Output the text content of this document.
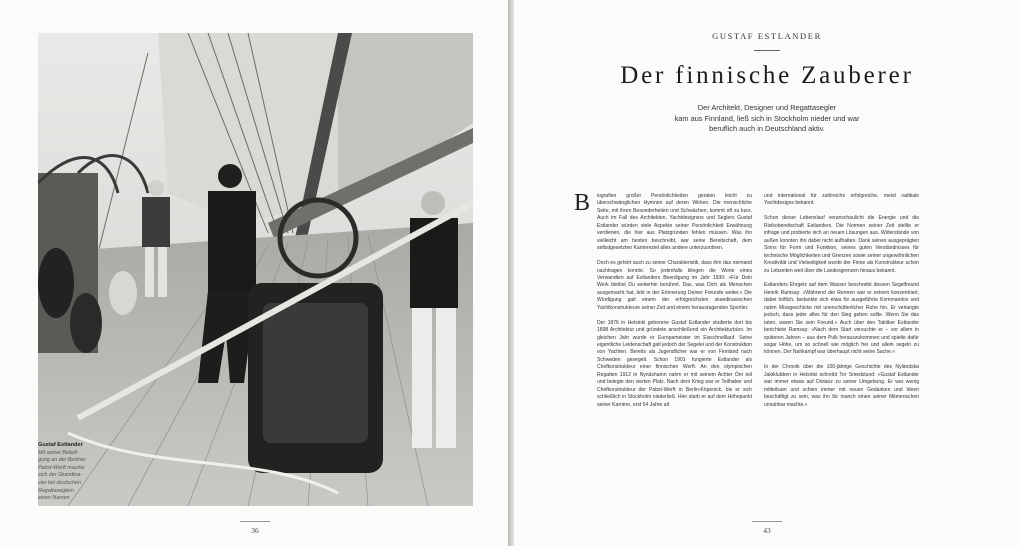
Gustaf Estlander
Mit seiner Beteili-
gung an der Berliner
Pabst-Werft machte
sich der Skandina-
vier bei deutschen
Regattaseglern
einen Namen
36
GUSTAF ESTLANDER
Der finnische Zauberer
Der Architekt, Designer und Regattasegler
kam aus Finnland, ließ sich in Stockholm nieder und war
beruflich auch in Deutschland aktiv.
B iografien großer Persönlichkeiten geraten leicht zu überschwänglichen Hymnen auf deren Wirken. Die menschliche Seite, mit ihren Besonderheiten und Schwächen, kommt oft zu kurz. Auch im Fall des Architekten, Yachtdesigners und Seglers Gustaf Estlander würden viele Aspekte seiner Persönlichkeit Erwähnung verdienen, die hier aus Platzgründen fehlen müssen. Was ihn vielleicht am besten beschreibt, war seine Bereitschaft, dem selbstgesetzten Karriereziel alles andere unterzuordnen.

Doch es gehört auch zu seiner Charakteristik, dass ihm das niemand nachtragen konnte. So jedenfalls klingen die Worte eines Verwandten auf Estlanders Beerdigung im Jahr 1930: »Für Dein Werk bleibst Du weiterhin berühmt. Das, was Dich als Menschen ausgemacht hat, lebt in der Erinnerung Deiner Freunde weiter.« Die Würdigung galt einem der erfolgreichsten skandinavischen Yachtkonstrukteure seiner Zeit und einem herausragenden Sportler.

Der 1876 in Helsinki geborene Gustaf Estlander studierte dort bis 1898 Architektur und gründete anschließend ein Architekturbüro. Im gleichen Jahr wurde er Europameister im Eisschnelllauf. Seine eigentliche Leidenschaft galt jedoch der Segelei und der Konstruktion von Yachten. Bereits als Jugendlicher war er von Finnland nach Schweden gesegelt. Schon 1901 fungierte Estlander als Chefkonstrukteur einer finnischen Werft. An den olympischen Regatten 1912 in Nynäshamn nahm er mit seinem Achter Örn teil und belegte den vierten Platz. Nach dem Krieg war er Teilhaber und Chefkonstrukteur der Pabst-Werft in Berlin-Köpenick, bis er sich schließlich in Stockholm niederließ. Hier starb er auf dem Höhepunkt seiner Karriere, erst 54 Jahre alt

und international für zahlreiche erfolgreiche, meist radikale Yachtdesigns bekannt.

Schon dieser Lebenslauf veranschaulicht die Energie und die Risikobereitschaft Estlanders. Die Normen seiner Zeit stellte er infrage und probierte sich an neuen Lösungen aus. Widerstände von außen konnten ihn dabei nicht aufhalten. Dank seines ausgeprägten Sinns für Form und Funktion, seines guten Verständnisses für technische Möglichkeiten und Grenzen sowie seiner ungewöhnlichen Kreativität und Vielseitigkeit wurde der Finne als Konstrukteur schon zu Lebzeiten weit über die Landesgrenzen hinaus bekannt.

Estlanders Ehrgeiz auf dem Wasser beschreibt dessen Segelfreund Henrik Ramsay: »Während der Rennen war er extrem konzentriert, dabei höflich, bedankte sich etwa für ausgeführte Kommandos und nahm Missgeschicke mit unerschütterlicher Ruhe hin. Er verlangte jedoch, dass jeder alles für den Sieg geben sollte. Wenn Sie das taten, waren Sie sein Freund.« Auch über den Taktiker Estlander berichtete Ramsay: »Nach dem Start versuchte er – vor allem in späteren Jahren – aus dem Pulk herauszukommen und spielte dafür sogar Höhe, um so schnell wie möglich frei und allein segeln zu können. Der Nahkampf war überhaupt nicht seine Sache.«

In der Chronik über die 100-jährige Geschichte des Nyländska Jaktklubben in Helsinki schreibt Tor Smedslund: »Gustaf Estlander war immer etwas auf Distanz zu seiner Umgebung. Er war wenig mitteilsam und schien immer mit neuen Gedanken und Ideen beschäftigt zu sein, was ihn für manch einen seiner Mitmenschen unnahbar machte.«

43
